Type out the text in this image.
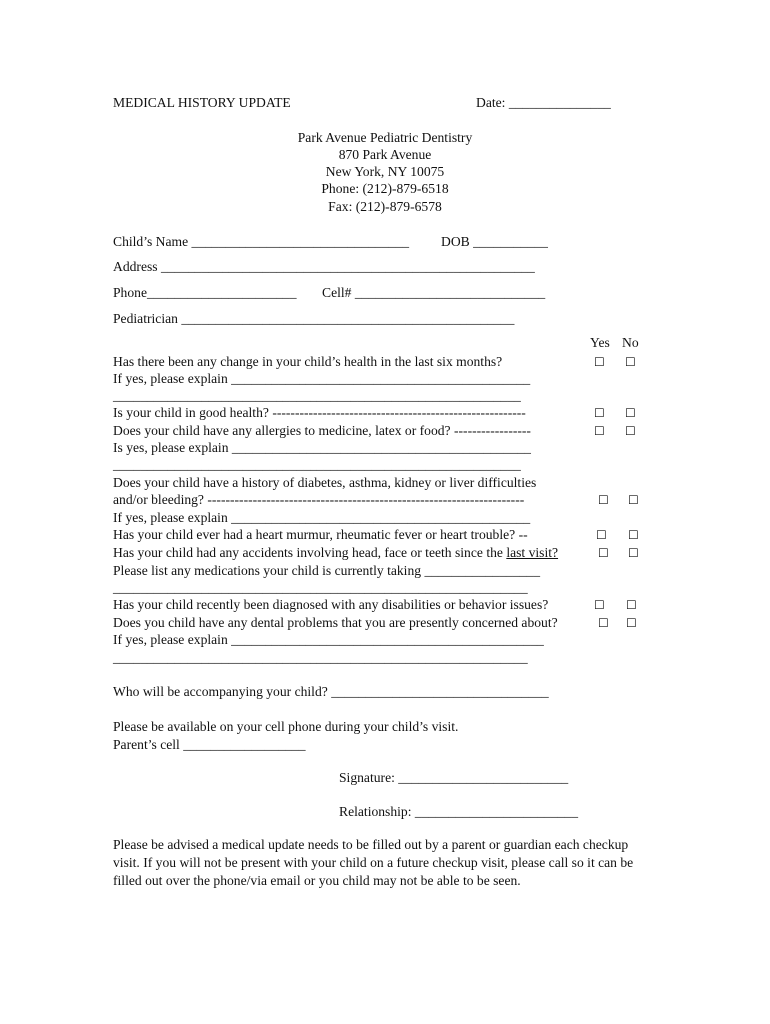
MEDICAL HISTORY UPDATE	Date: _______________
Park Avenue Pediatric Dentistry
870 Park Avenue
New York, NY 10075
Phone: (212)-879-6518
Fax: (212)-879-6578
Child’s Name ________________________________ DOB ___________
Address _______________________________________________________
Phone______________________ Cell# ____________________________
Pediatrician _________________________________________________
Yes No
Has there been any change in your child’s health in the last six months?	☐ ☐
If yes, please explain ____________________________________________
____________________________________________________________
Is your child in good health? --------------------------------------------------------	☐ ☐
Does your child have any allergies to medicine, latex or food? -----------------	☐ ☐
Is yes, please explain ____________________________________________
____________________________________________________________
Does your child have a history of diabetes, asthma, kidney or liver difficulties
and/or bleeding? ----------------------------------------------------------------------	☐ ☐
If yes, please explain ____________________________________________
Has your child ever had a heart murmur, rheumatic fever or heart trouble? --	☐ ☐
Has your child had any accidents involving head, face or teeth since the last visit?	☐ ☐
Please list any medications your child is currently taking _________________
_____________________________________________________________
Has your child recently been diagnosed with any disabilities or behavior issues?	☐ ☐
Does you child have any dental problems that you are presently concerned about?	☐ ☐
If yes, please explain ______________________________________________
_____________________________________________________________
Who will be accompanying your child? ________________________________
Please be available on your cell phone during your child’s visit.
Parent’s cell __________________
Signature: _________________________
Relationship: ________________________
Please be advised a medical update needs to be filled out by a parent or guardian each checkup visit. If you will not be present with your child on a future checkup visit, please call so it can be filled out over the phone/via email or you child may not be able to be seen.
